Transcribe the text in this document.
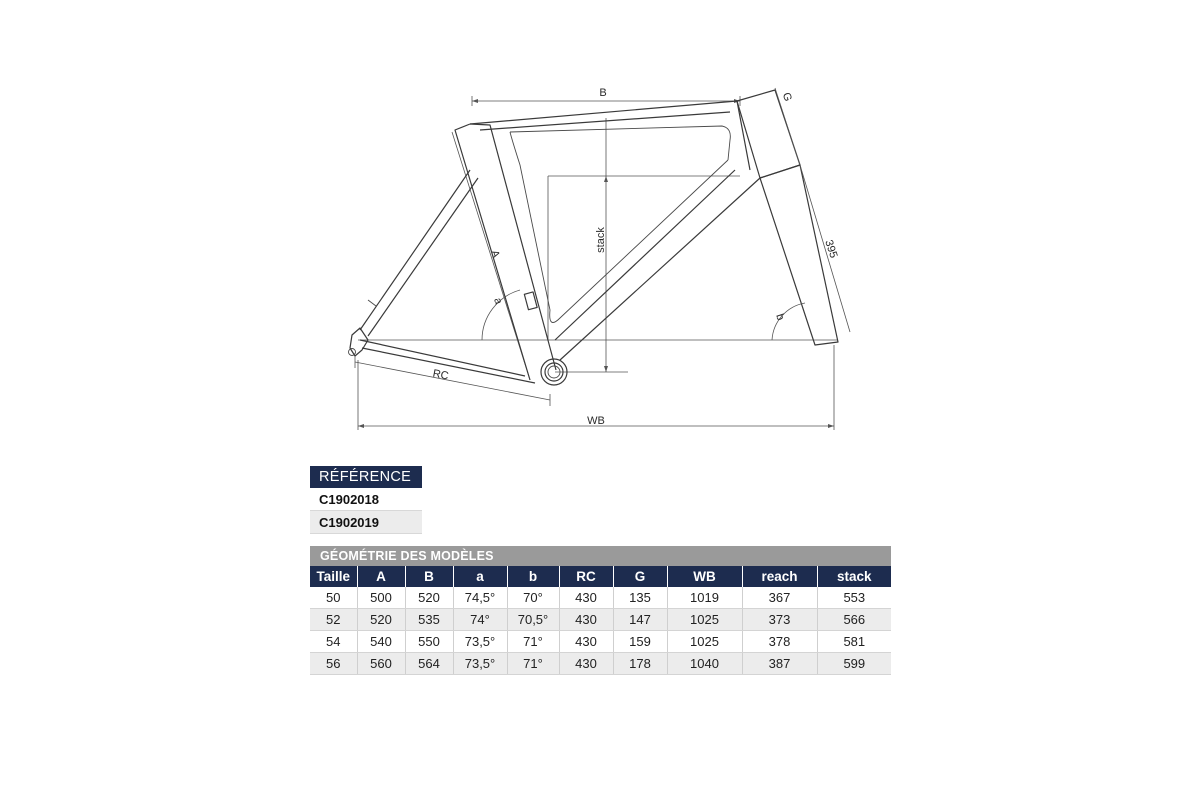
B
stack
A
a
G
395
b
RC
WB
RÉFÉRENCE
C1902018
C1902019
GÉOMÉTRIE DES MODÈLES									
Taille	A	B	a	b	RC	G	WB	reach	stack
50	500	520	74,5°	70°	430	135	1019	367	553
52	520	535	74°	70,5°	430	147	1025	373	566
54	540	550	73,5°	71°	430	159	1025	378	581
56	560	564	73,5°	71°	430	178	1040	387	599
